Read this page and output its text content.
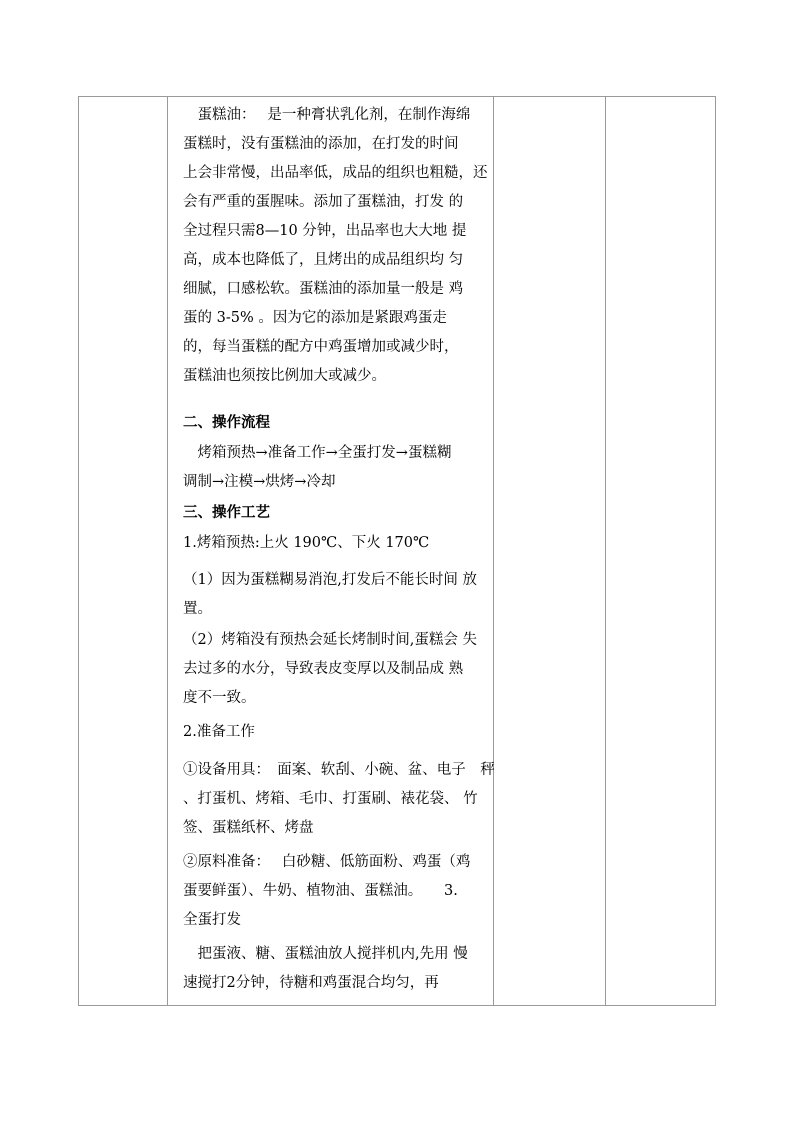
　蛋糕油：　 是一种膏状乳化剂，在制作海绵

蛋糕时，没有蛋糕油的添加，在打发的时间

上会非常慢，出品率低，成品的组织也粗糙，还

会有严重的蛋腥味。添加了蛋糕油，打发 的

全过程只需8—10 分钟，出品率也大大地 提

高，成本也降低了，且烤出的成品组织均 匀

细腻，口感松软。蛋糕油的添加量一般是 鸡

蛋的 3-5% 。因为它的添加是紧跟鸡蛋走

的，每当蛋糕的配方中鸡蛋增加或减少时，

蛋糕油也须按比例加大或减少。

二、操作流程

　烤箱预热→准备工作→全蛋打发→蛋糕糊

调制→注模→烘烤→冷却

三、操作工艺

1.烤箱预热:上火 190℃、下火 170℃

（1）因为蛋糕糊易消泡,打发后不能长时间 放

置。

（2）烤箱没有预热会延长烤制时间,蛋糕会 失

去过多的水分，导致表皮变厚以及制品成 熟

度不一致。

2.准备工作

①设备用具：　面案、软刮、小碗、盆、电子　秤

、打蛋机、烤箱、毛巾、打蛋刷、裱花袋、 竹

签、蛋糕纸杯、烤盘

②原料准备：　 白砂糖、低筋面粉、鸡蛋（鸡

蛋要鲜蛋）、牛奶、植物油、蛋糕油。　　3.

全蛋打发

　把蛋液、糖、蛋糕油放人搅拌机内,先用 慢

速搅打2分钟，待糖和鸡蛋混合均匀，再
